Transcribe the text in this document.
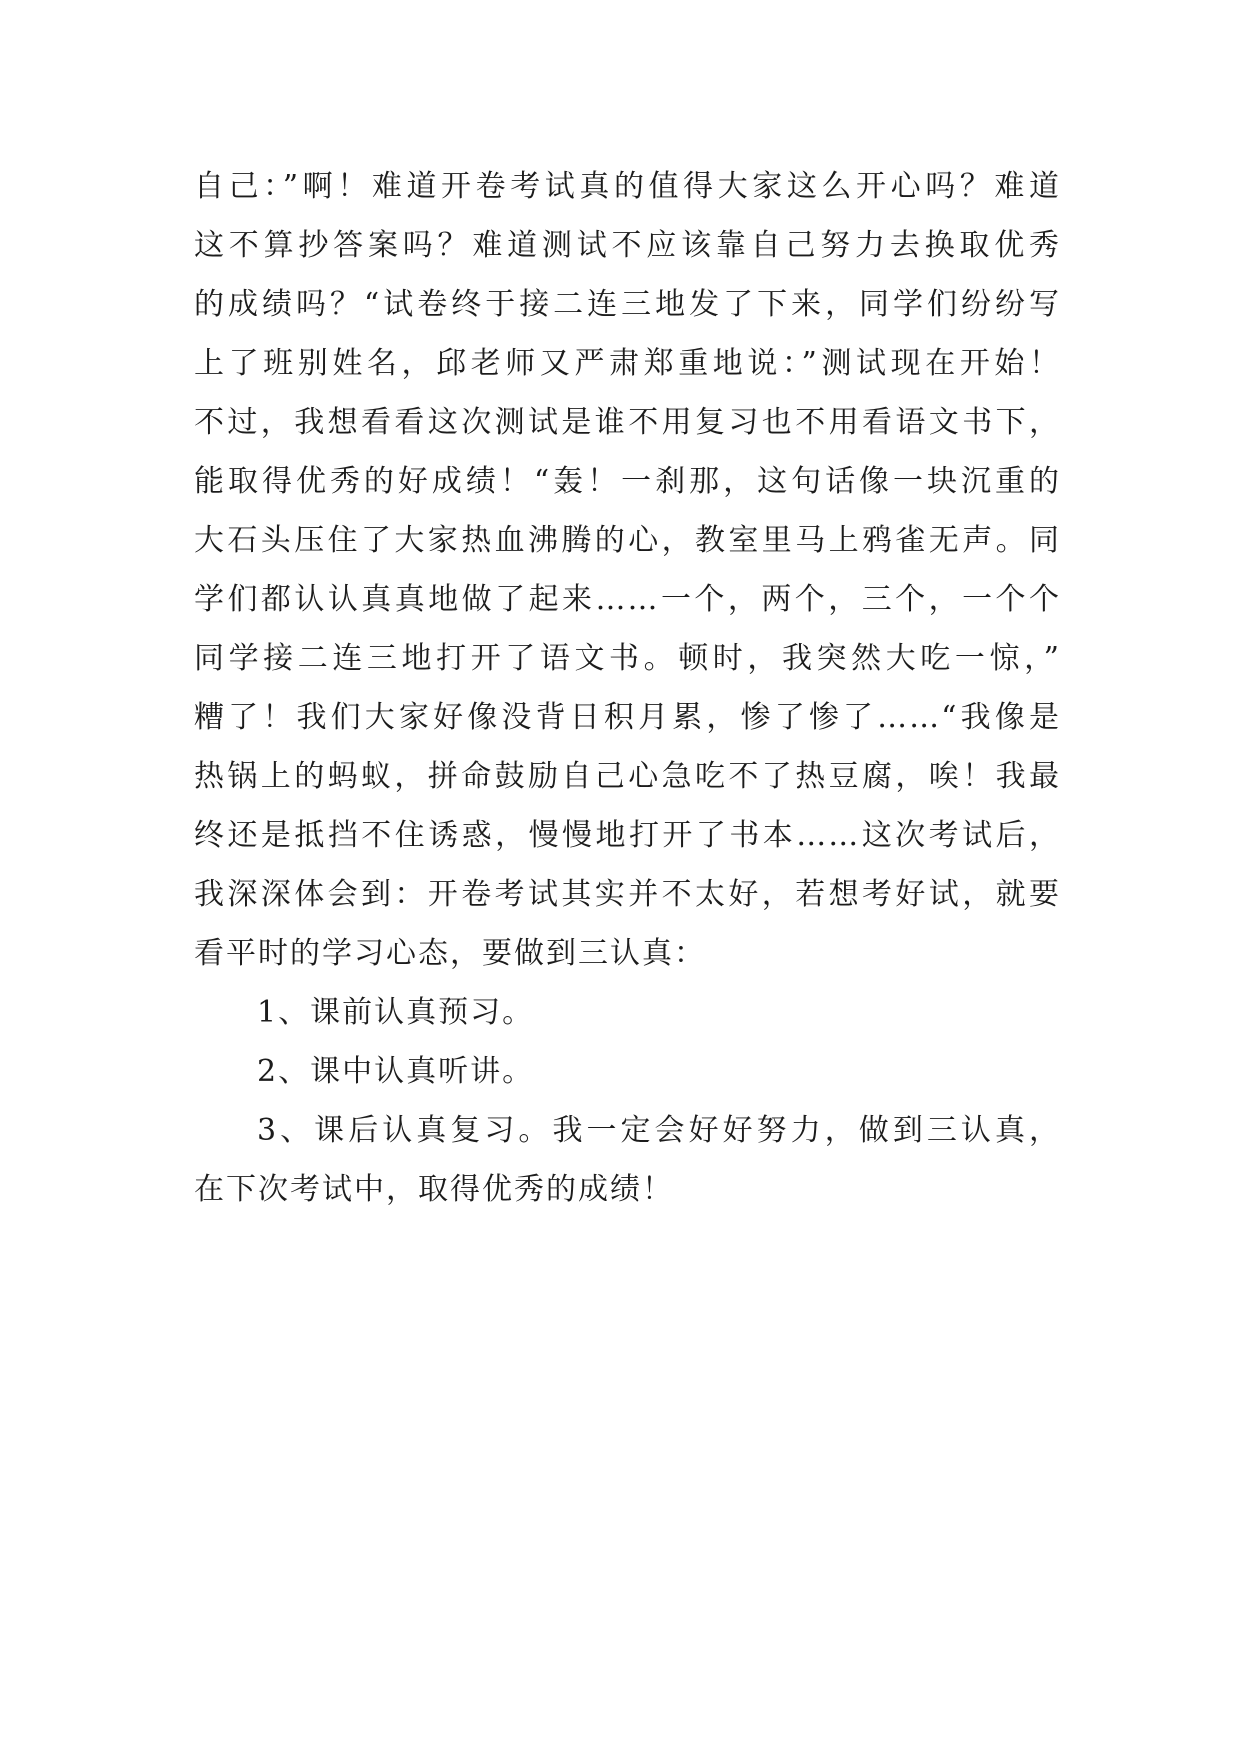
自己：”啊！难道开卷考试真的值得大家这么开心吗？难道
这不算抄答案吗？难道测试不应该靠自己努力去换取优秀
的成绩吗？“试卷终于接二连三地发了下来，同学们纷纷写
上了班别姓名，邱老师又严肃郑重地说：”测试现在开始！
不过，我想看看这次测试是谁不用复习也不用看语文书下，
能取得优秀的好成绩！“轰！一刹那，这句话像一块沉重的
大石头压住了大家热血沸腾的心，教室里马上鸦雀无声。同
学们都认认真真地做了起来……一个，两个，三个，一个个
同学接二连三地打开了语文书。顿时，我突然大吃一惊，”
糟了！我们大家好像没背日积月累，惨了惨了……“我像是
热锅上的蚂蚁，拼命鼓励自己心急吃不了热豆腐，唉！我最
终还是抵挡不住诱惑，慢慢地打开了书本……这次考试后，
我深深体会到：开卷考试其实并不太好，若想考好试，就要
看平时的学习心态，要做到三认真：
1、课前认真预习。
2、课中认真听讲。
3、课后认真复习。我一定会好好努力，做到三认真，
在下次考试中，取得优秀的成绩！
